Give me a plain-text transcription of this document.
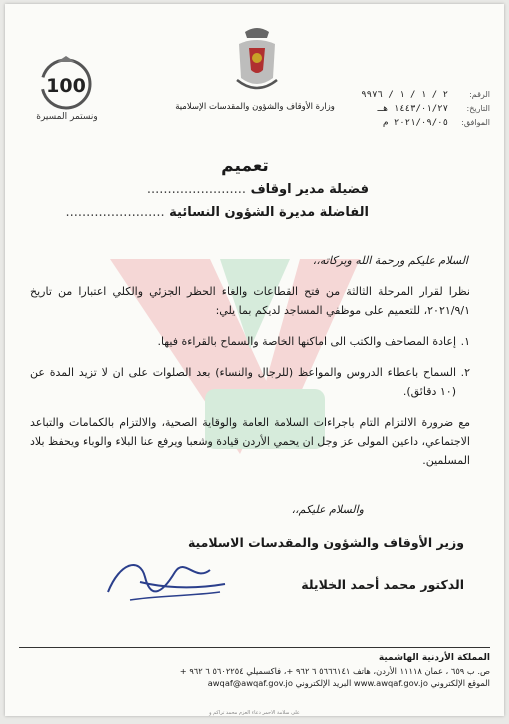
100
ونستمر المسيرة
وزارة الأوقاف والشؤون والمقدسات الإسلامية
الرقم:
٢ / ١ / ١ / ٩٩٧٦
التاريخ:
١٤٤٣/٠١/٢٧ هـ
الموافق:
٢٠٢١/٠٩/٠٥ م
تعميم
فضيلة مدير اوقاف ........................
الفاضلة مديرة الشؤون النسائية ........................
السلام عليكم ورحمة الله وبركاته،،
نظرا لقرار المرحلة الثالثة من فتح القطاعات والغاء الحظر الجزئي والكلي اعتبارا من تاريخ ٢٠٢١/٩/١، للتعميم على موظفي المساجد لديكم بما يلي:
١.
إعادة المصاحف والكتب الى اماكنها الخاصة والسماح بالقراءة فيها.
٢.
السماح باعطاء الدروس والمواعظ (للرجال والنساء) بعد الصلوات على ان لا تزيد المدة عن (١٠ دقائق).
مع ضرورة الالتزام التام باجراءات السلامة العامة والوقاية الصحية، والالتزام بالكمامات والتباعد الاجتماعي، داعين المولى عز وجل ان يحمي الأردن قيادة وشعبا ويرفع عنا البلاء والوباء ويحفظ بلاد المسلمين.
والسلام عليكم،،
وزير الأوقاف والشؤون والمقدسات الاسلامية
الدكتور محمد أحمد الخلايلة
المملكة الأردنية الهاشمية
ص. ب ٦٥٩ ، عمان ١١١١٨ الأردن، هاتف ٥٦٦٦١٤١ ٦ ٩٦٢ +، فاكسميلي ٥٦٠٢٢٥٤ ٦ ٩٦٢ +
الموقع الإلكتروني www.awqaf.gov.jo البريد الإلكتروني awqaf@awqaf.gov.jo
على سلامة الاحمر دعاء العزم محمد تراكم و
